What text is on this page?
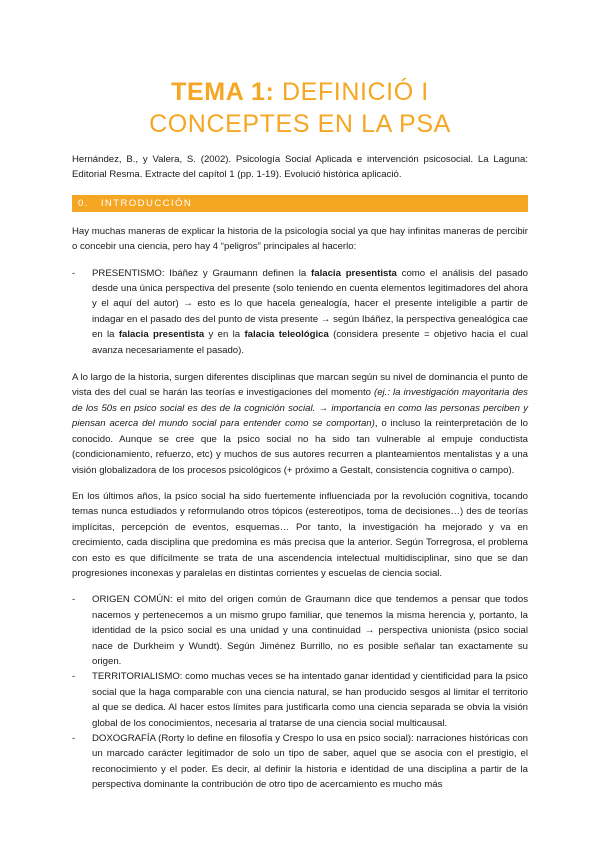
TEMA 1: DEFINICIÓ I
CONCEPTES EN LA PSA

Hernández, B., y Valera, S. (2002). Psicología Social Aplicada e intervención psicosocial. La Laguna: Editorial Resma. Extracte del capítol 1 (pp. 1-19). Evolució històrica aplicació.

0. INTRODUCCIÓN

Hay muchas maneras de explicar la historia de la psicología social ya que hay infinitas maneras de percibir o concebir una ciencia, pero hay 4 “peligros” principales al hacerlo:

- PRESENTISMO: Ibáñez y Graumann definen la falacia presentista como el análisis del pasado desde una única perspectiva del presente (solo teniendo en cuenta elementos legitimadores del ahora y el aquí del autor) → esto es lo que hacela genealogía, hacer el presente inteligible a partir de indagar en el pasado des del punto de vista presente → según Ibáñez, la perspectiva genealógica cae en la falacia presentista y en la falacia teleológica (considera presente = objetivo hacia el cual avanza necesariamente el pasado).

A lo largo de la historia, surgen diferentes disciplinas que marcan según su nivel de dominancia el punto de vista des del cual se harán las teorías e investigaciones del momento (ej.: la investigación mayoritaria des de los 50s en psico social es des de la cognición social. → importancia en como las personas perciben y piensan acerca del mundo social para entender como se comportan), o incluso la reinterpretación de lo conocido. Aunque se cree que la psico social no ha sido tan vulnerable al empuje conductista (condicionamiento, refuerzo, etc) y muchos de sus autores recurren a planteamientos mentalistas y a una visión globalizadora de los procesos psicológicos (+ próximo a Gestalt, consistencia cognitiva o campo).

En los últimos años, la psico social ha sido fuertemente influenciada por la revolución cognitiva, tocando temas nunca estudiados y reformulando otros tópicos (estereotipos, toma de decisiones…) des de teorías implícitas, percepción de eventos, esquemas… Por tanto, la investigación ha mejorado y va en crecimiento, cada disciplina que predomina es más precisa que la anterior. Según Torregrosa, el problema con esto es que difícilmente se trata de una ascendencia intelectual multidisciplinar, sino que se dan progresiones inconexas y paralelas en distintas corrientes y escuelas de ciencia social.

- ORIGEN COMÚN: el mito del origen común de Graumann dice que tendemos a pensar que todos nacemos y pertenecemos a un mismo grupo familiar, que tenemos la misma herencia y, portanto, la identidad de la psico social es una unidad y una continuidad → perspectiva unionista (psico social nace de Durkheim y Wundt). Según Jiménez Burrillo, no es posible señalar tan exactamente su origen.
- TERRITORIALISMO: como muchas veces se ha intentado ganar identidad y cientificidad para la psico social que la haga comparable con una ciencia natural, se han producido sesgos al limitar el territorio al que se dedica. Al hacer estos límites para justificarla como una ciencia separada se obvia la visión global de los conocimientos, necesaria al tratarse de una ciencia social multicausal.
- DOXOGRAFÍA (Rorty lo define en filosofía y Crespo lo usa en psico social): narraciones históricas con un marcado carácter legitimador de solo un tipo de saber, aquel que se asocia con el prestigio, el reconocimiento y el poder. Es decir, al definir la historia e identidad de una disciplina a partir de la perspectiva dominante la contribución de otro tipo de acercamiento es mucho más
